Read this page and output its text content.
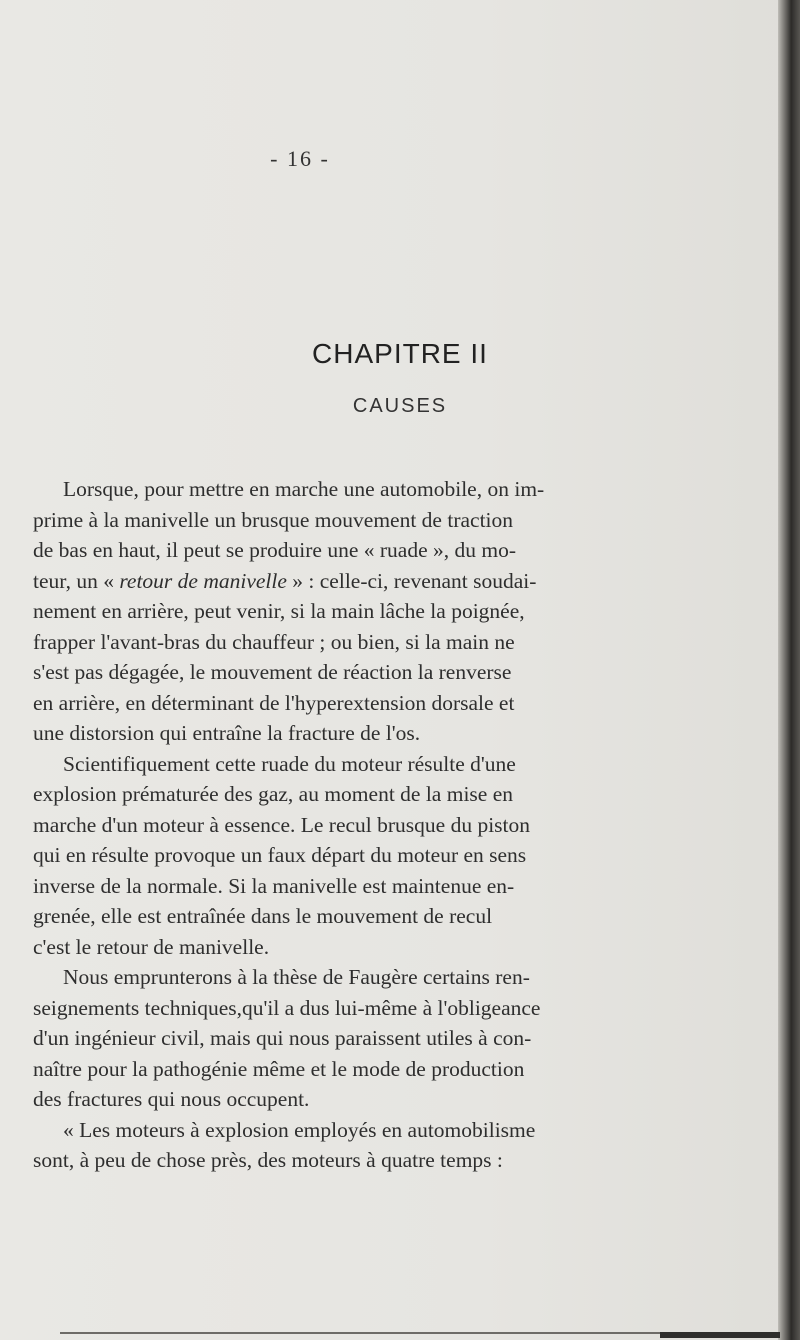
- 16 -
CHAPITRE II
CAUSES
Lorsque, pour mettre en marche une automobile, on im-
prime à la manivelle un brusque mouvement de traction
de bas en haut, il peut se produire une « ruade », du mo-
teur, un « retour de manivelle » : celle-ci, revenant soudai-
nement en arrière, peut venir, si la main lâche la poignée,
frapper l'avant-bras du chauffeur ; ou bien, si la main ne
s'est pas dégagée, le mouvement de réaction la renverse
en arrière, en déterminant de l'hyperextension dorsale et
une distorsion qui entraîne la fracture de l'os.
Scientifiquement cette ruade du moteur résulte d'une
explosion prématurée des gaz, au moment de la mise en
marche d'un moteur à essence. Le recul brusque du piston
qui en résulte provoque un faux départ du moteur en sens
inverse de la normale. Si la manivelle est maintenue en-
grenée, elle est entraînée dans le mouvement de recul
c'est le retour de manivelle.
Nous emprunterons à la thèse de Faugère certains ren-
seignements techniques,qu'il a dus lui-même à l'obligeance
d'un ingénieur civil, mais qui nous paraissent utiles à con-
naître pour la pathogénie même et le mode de production
des fractures qui nous occupent.
« Les moteurs à explosion employés en automobilisme
sont, à peu de chose près, des moteurs à quatre temps :
